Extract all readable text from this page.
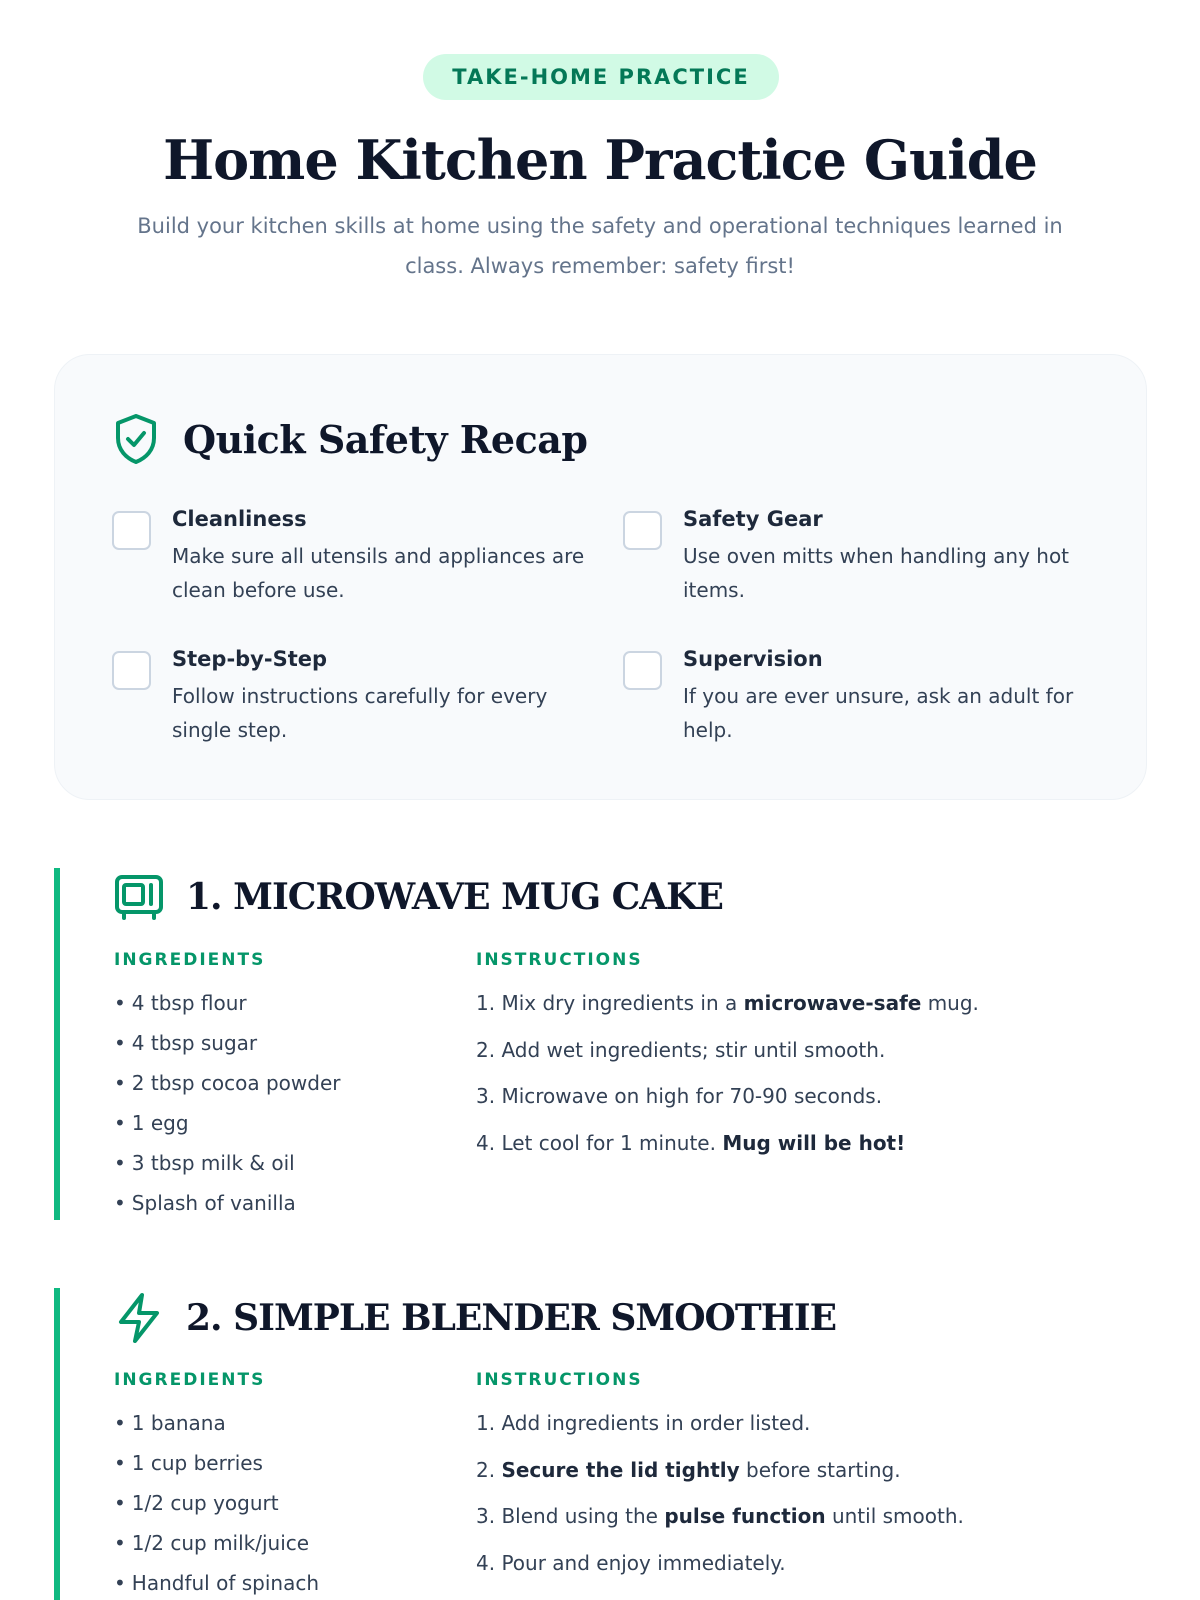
TAKE-HOME PRACTICE
Home Kitchen Practice Guide

Build your kitchen skills at home using the safety and operational techniques learned in class. Always remember: safety first!

Quick Safety Recap
Cleanliness
Make sure all utensils and appliances are clean before use.
Safety Gear
Use oven mitts when handling any hot items.
Step-by-Step
Follow instructions carefully for every single step.
Supervision
If you are ever unsure, ask an adult for help.
1. MICROWAVE MUG CAKE
INGREDIENTS	INSTRUCTIONS
• 4 tbsp flour
• 4 tbsp sugar
• 2 tbsp cocoa powder
• 1 egg
• 3 tbsp milk & oil
• Splash of vanilla
1. Mix dry ingredients in a microwave-safe mug.
2. Add wet ingredients; stir until smooth.
3. Microwave on high for 70-90 seconds.
4. Let cool for 1 minute. Mug will be hot!
2. SIMPLE BLENDER SMOOTHIE
INGREDIENTS	INSTRUCTIONS
• 1 banana
• 1 cup berries
• 1/2 cup yogurt
• 1/2 cup milk/juice
• Handful of spinach
1. Add ingredients in order listed.
2. Secure the lid tightly before starting.
3. Blend using the pulse function until smooth.
4. Pour and enjoy immediately.
